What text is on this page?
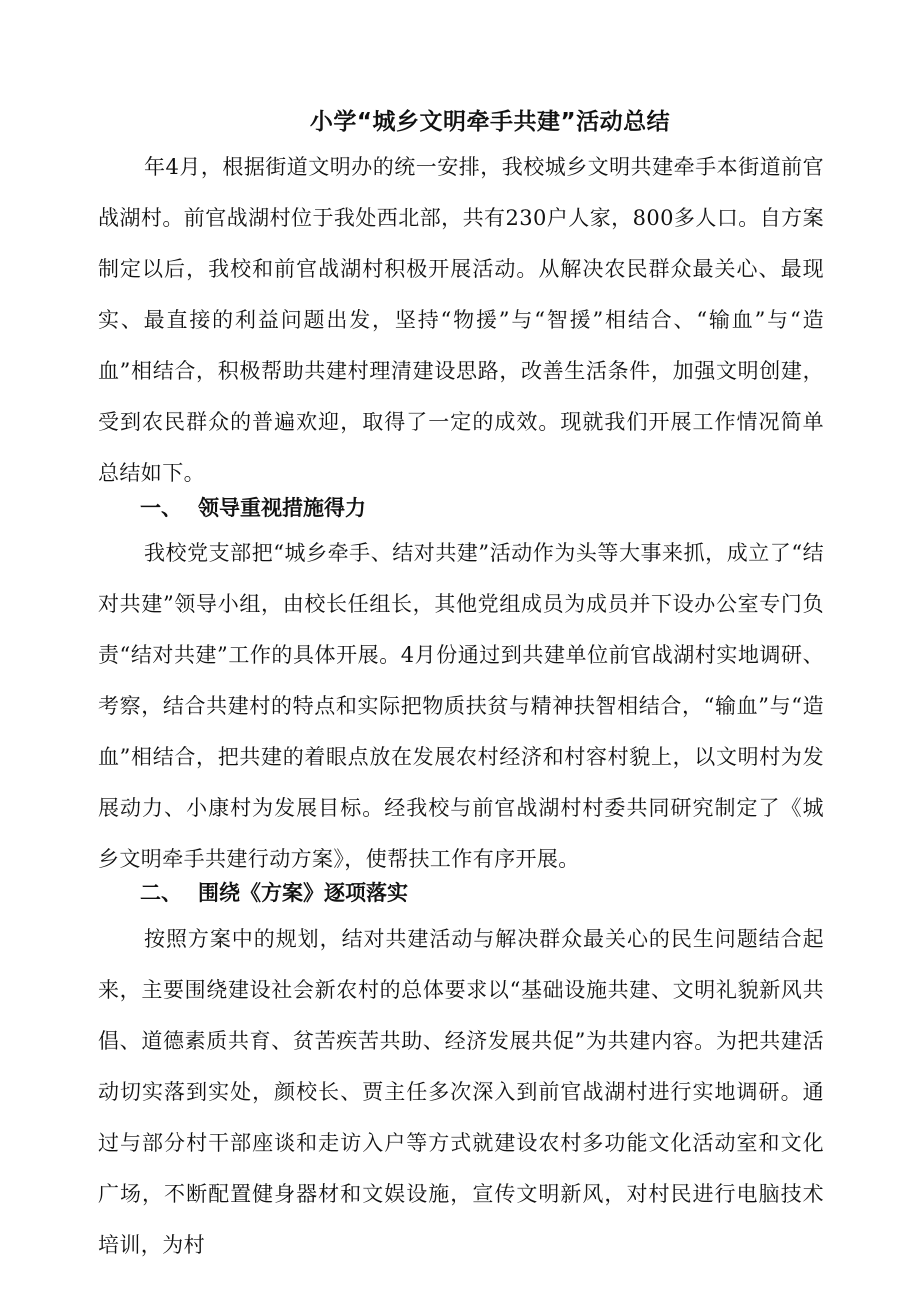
小学“城乡文明牵手共建”活动总结

年4月，根据街道文明办的统一安排，我校城乡文明共建牵手本街道前官战湖村。前官战湖村位于我处西北部，共有230户人家，800多人口。自方案制定以后，我校和前官战湖村积极开展活动。从解决农民群众最关心、最现实、最直接的利益问题出发，坚持“物援”与“智援”相结合、“输血”与“造血”相结合，积极帮助共建村理清建设思路，改善生活条件，加强文明创建，受到农民群众的普遍欢迎，取得了一定的成效。现就我们开展工作情况简单总结如下。

一、 领导重视措施得力

我校党支部把“城乡牵手、结对共建”活动作为头等大事来抓，成立了“结对共建”领导小组，由校长任组长，其他党组成员为成员并下设办公室专门负责“结对共建”工作的具体开展。4月份通过到共建单位前官战湖村实地调研、考察，结合共建村的特点和实际把物质扶贫与精神扶智相结合，“输血”与“造血”相结合，把共建的着眼点放在发展农村经济和村容村貌上，以文明村为发展动力、小康村为发展目标。经我校与前官战湖村村委共同研究制定了《城乡文明牵手共建行动方案》，使帮扶工作有序开展。

二、 围绕《方案》逐项落实

按照方案中的规划，结对共建活动与解决群众最关心的民生问题结合起来，主要围绕建设社会新农村的总体要求以“基础设施共建、文明礼貌新风共倡、道德素质共育、贫苦疾苦共助、经济发展共促”为共建内容。为把共建活动切实落到实处，颜校长、贾主任多次深入到前官战湖村进行实地调研。通过与部分村干部座谈和走访入户等方式就建设农村多功能文化活动室和文化广场，不断配置健身器材和文娱设施，宣传文明新风，对村民进行电脑技术培训，为村
